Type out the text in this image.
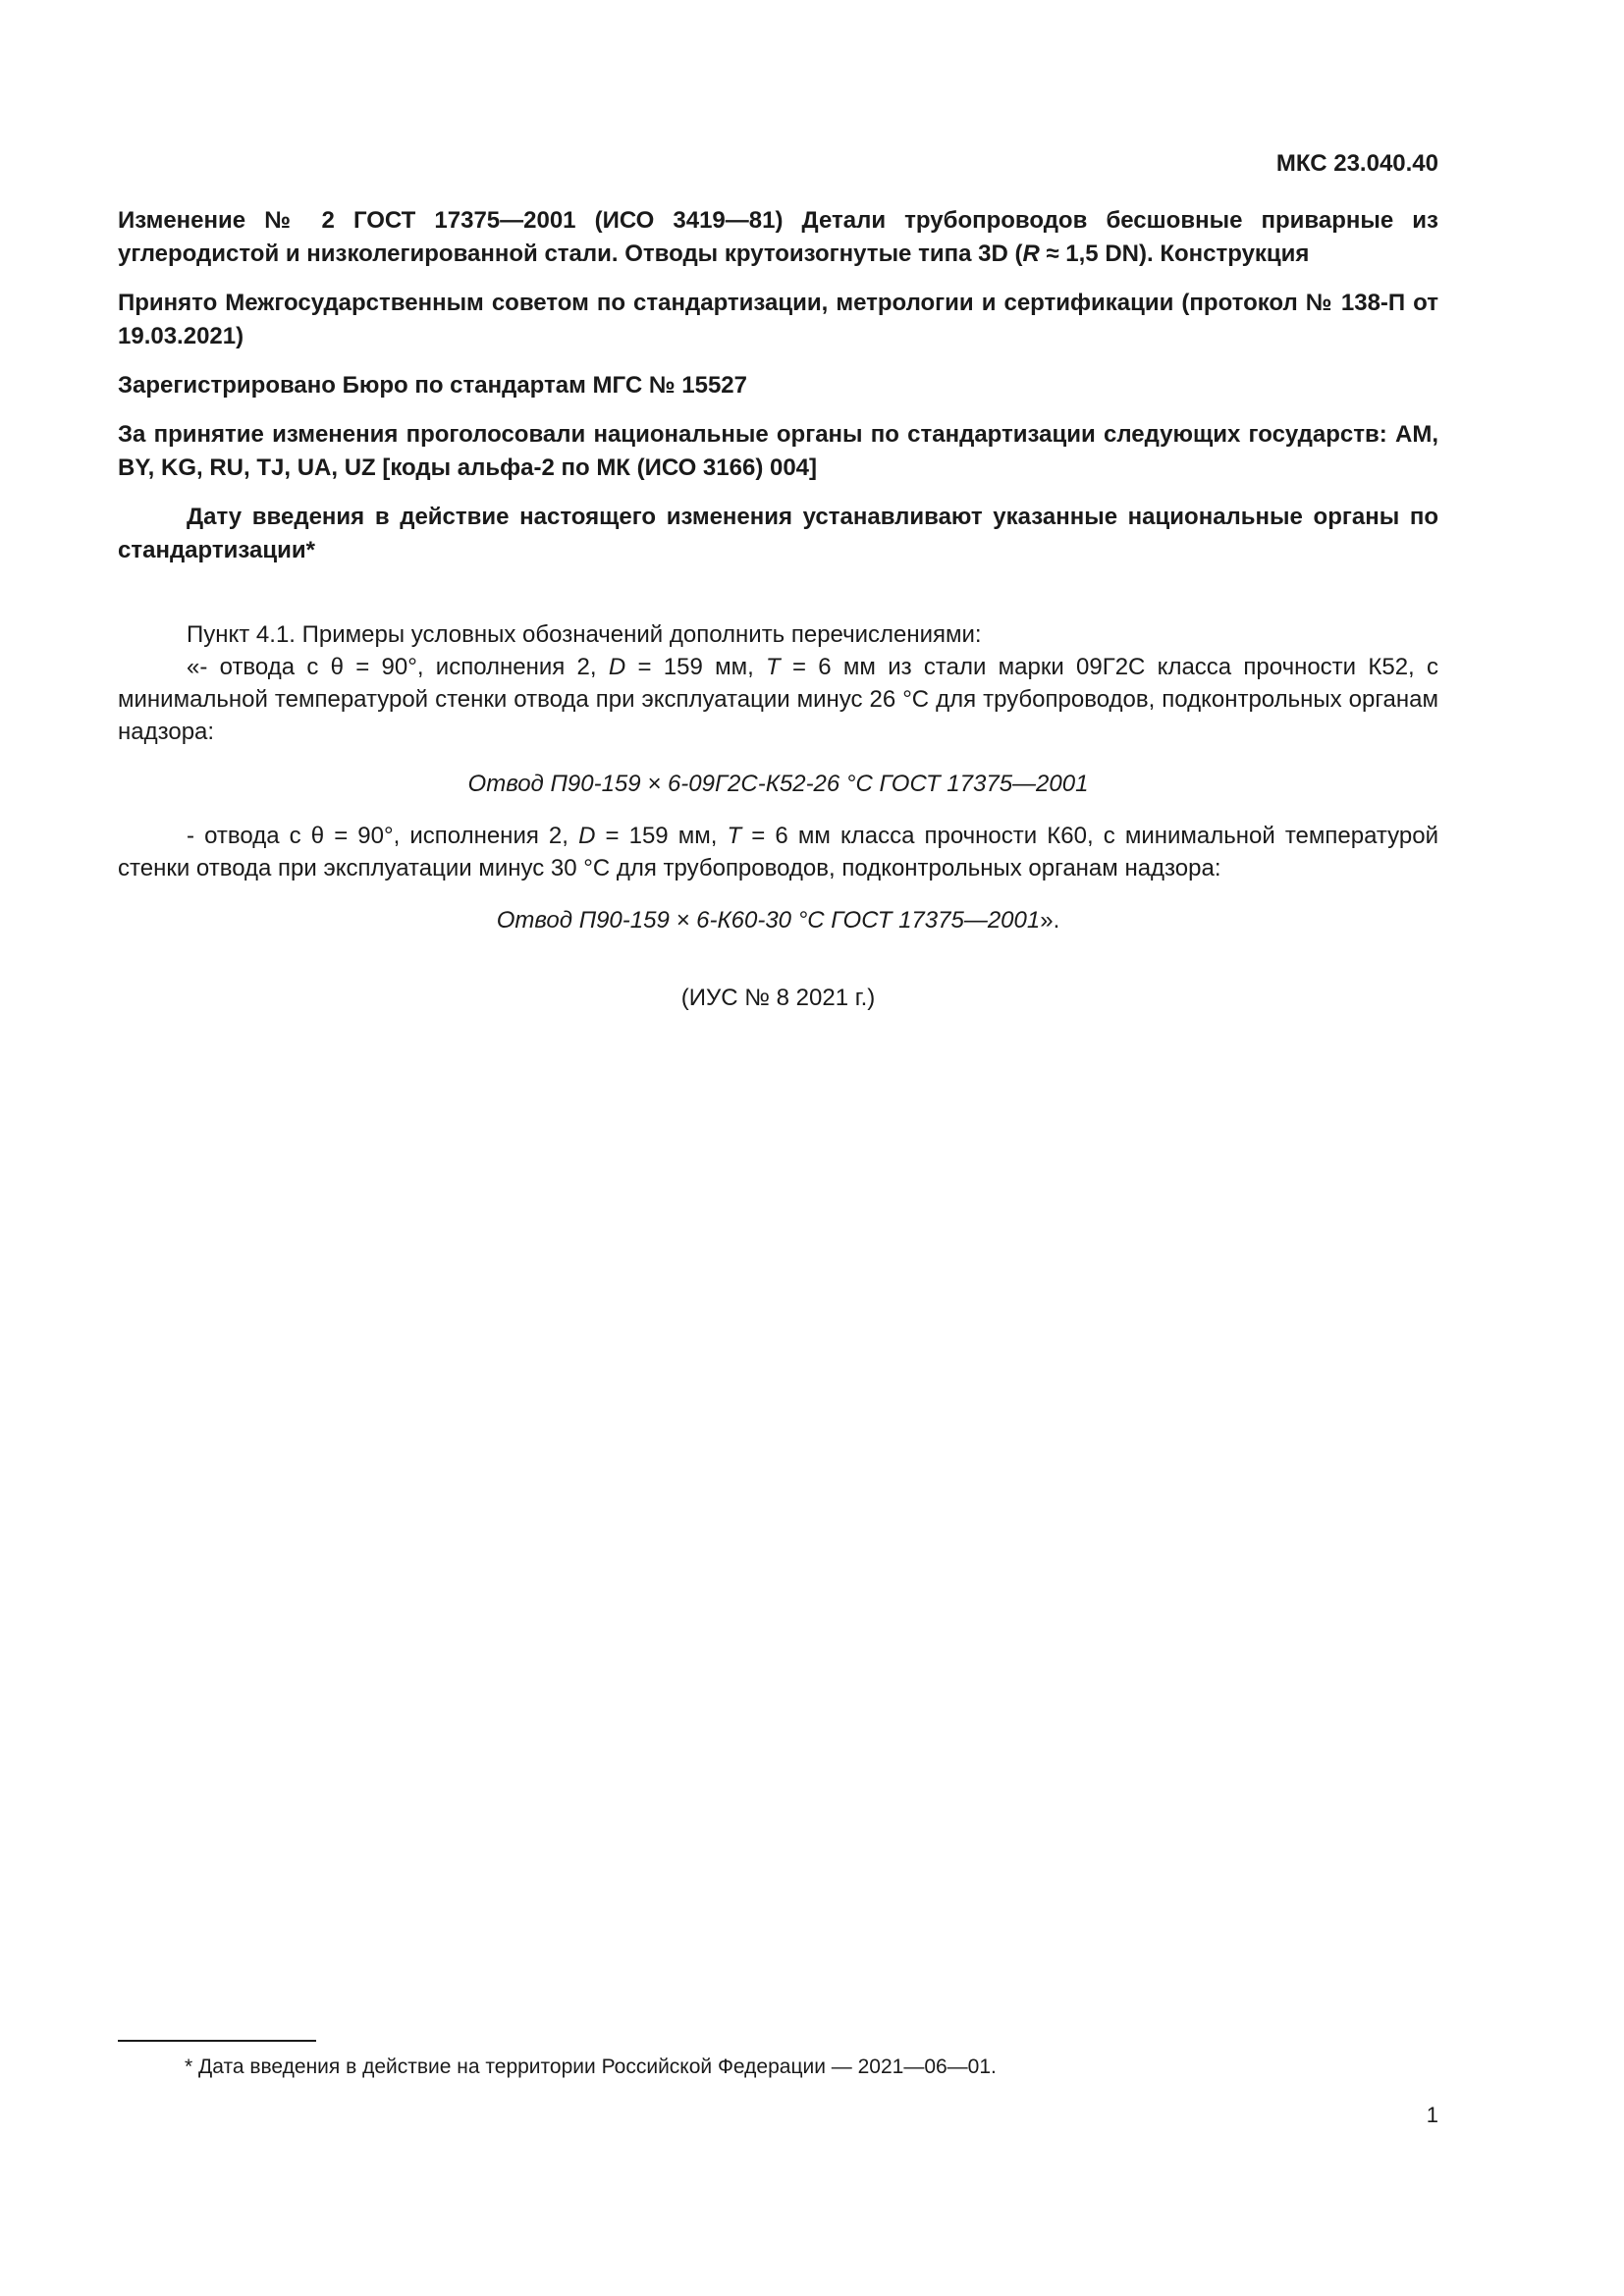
МКС 23.040.40
Изменение № 2 ГОСТ 17375—2001 (ИСО 3419—81) Детали трубопроводов бесшовные приварные из углеродистой и низколегированной стали. Отводы крутоизогнутые типа 3D (R ≈ 1,5 DN). Конструкция
Принято Межгосударственным советом по стандартизации, метрологии и сертификации (протокол № 138-П от 19.03.2021)
Зарегистрировано Бюро по стандартам МГС № 15527
За принятие изменения проголосовали национальные органы по стандартизации следующих государств: AM, BY, KG, RU, TJ, UA, UZ [коды альфа-2 по МК (ИСО 3166) 004]
Дату введения в действие настоящего изменения устанавливают указанные национальные органы по стандартизации*

Пункт 4.1. Примеры условных обозначений дополнить перечислениями:

«- отвода с θ = 90°, исполнения 2, D = 159 мм, T = 6 мм из стали марки 09Г2С класса прочности К52, с минимальной температурой стенки отвода при эксплуатации минус 26 °С для трубопроводов, подконтрольных органам надзора:

Отвод П90-159 × 6-09Г2С-К52-26 °С ГОСТ 17375—2001

- отвода с θ = 90°, исполнения 2, D = 159 мм, T = 6 мм класса прочности К60, с минимальной температурой стенки отвода при эксплуатации минус 30 °С для трубопроводов, подконтрольных органам надзора:

Отвод П90-159 × 6-К60-30 °С ГОСТ 17375—2001».
(ИУС № 8 2021 г.)
* Дата введения в действие на территории Российской Федерации — 2021—06—01.
1
